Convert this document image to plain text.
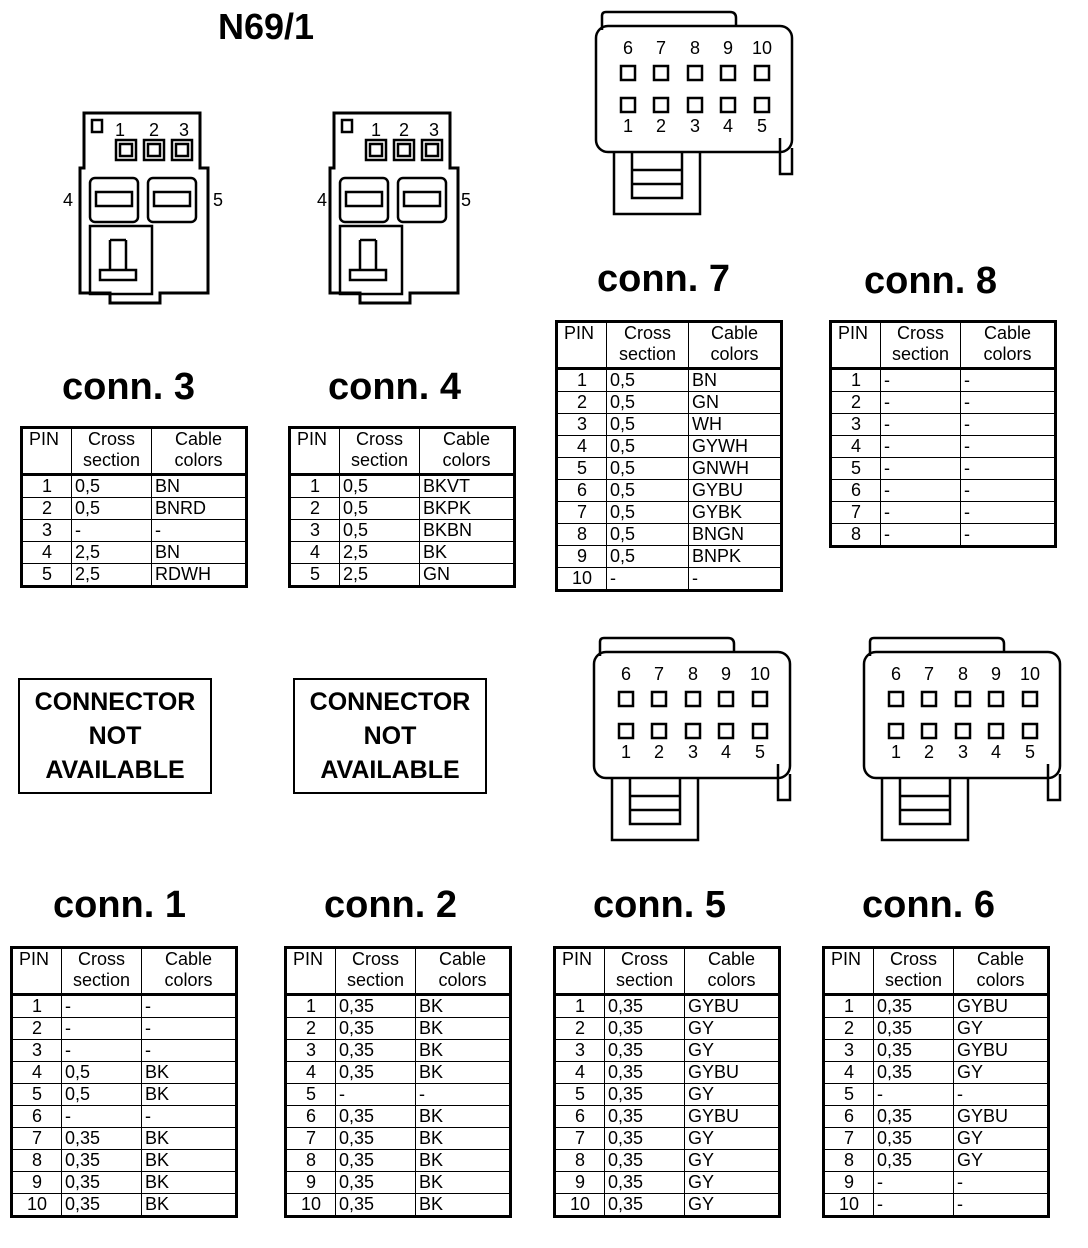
N69/1
1 2 3
4	5
1 2 3
4	5
6
1
7
2
8
3
9
4
10
5
6
1
7
2
8
3
9
4
10
5
6
1
7
2
8
3
9
4
10
5
conn. 3	conn. 4
conn. 7	conn. 8
conn. 1	conn. 2	conn. 5	conn. 6
PIN	Cross section	Cable colors
1	0,5	BN
2	0,5	BNRD
3	-	-
4	2,5	BN
5	2,5	RDWH
PIN	Cross section	Cable colors
1	0,5	BKVT
2	0,5	BKPK
3	0,5	BKBN
4	2,5	BK
5	2,5	GN
PIN	Cross section	Cable colors
1	0,5	BN
2	0,5	GN
3	0,5	WH
4	0,5	GYWH
5	0,5	GNWH
6	0,5	GYBU
7	0,5	GYBK
8	0,5	BNGN
9	0,5	BNPK
10	-	-
PIN	Cross section	Cable colors
1	-	-
2	-	-
3	-	-
4	-	-
5	-	-
6	-	-
7	-	-
8	-	-
PIN	Cross section	Cable colors
1	-	-
2	-	-
3	-	-
4	0,5	BK
5	0,5	BK
6	-	-
7	0,35	BK
8	0,35	BK
9	0,35	BK
10	0,35	BK
PIN	Cross section	Cable colors
1	0,35	BK
2	0,35	BK
3	0,35	BK
4	0,35	BK
5	-	-
6	0,35	BK
7	0,35	BK
8	0,35	BK
9	0,35	BK
10	0,35	BK
PIN	Cross section	Cable colors
1	0,35	GYBU
2	0,35	GY
3	0,35	GY
4	0,35	GYBU
5	0,35	GY
6	0,35	GYBU
7	0,35	GY
8	0,35	GY
9	0,35	GY
10	0,35	GY
PIN	Cross section	Cable colors
1	0,35	GYBU
2	0,35	GY
3	0,35	GYBU
4	0,35	GY
5	-	-
6	0,35	GYBU
7	0,35	GY
8	0,35	GY
9	-	-
10	-	-
CONNECTOR
NOT
AVAILABLE
CONNECTOR
NOT
AVAILABLE
